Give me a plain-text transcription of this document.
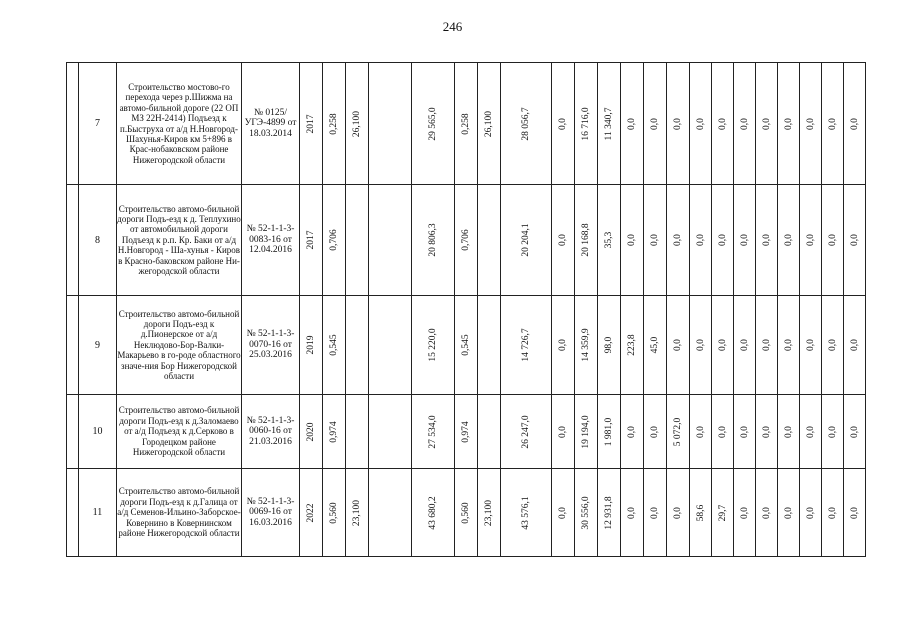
246
	7	Строительство мостово-го перехода через р.Шижма на автомо-бильной дороге (22 ОП МЗ 22Н-2414) Подъезд к п.Быструха от а/д Н.Новгород-Шахунья-Киров км 5+896 в Крас-нобаковском районе Нижегородской области	№ 0125/УГЭ-4899 от 18.03.2014	2017	0,258	26,100		29 565,0	0,258	26,100	28 056,7	0,0	16 716,0	11 340,7	0,0	0,0	0,0	0,0	0,0	0,0	0,0	0,0	0,0	0,0	0,0

	8	Строительство автомо-бильной дороги Подъ-езд к д. Теплухино от автомобильной дороги Подъезд к р.п. Кр. Баки от а/д Н.Новгород - Ша-хунья - Киров в Красно-баковском районе Ни-жегородской области	№ 52-1-1-3-0083-16 от 12.04.2016	2017	0,706			20 806,3	0,706		20 204,1	0,0	20 168,8	35,3	0,0	0,0	0,0	0,0	0,0	0,0	0,0	0,0	0,0	0,0	0,0

	9	Строительство автомо-бильной дороги Подъ-езд к д.Пионерское от а/д Неклюдово-Бор-Валки-Макарьево в го-роде областного значе-ния Бор Нижегородской области	№ 52-1-1-3-0070-16 от 25.03.2016	2019	0,545			15 220,0	0,545		14 726,7	0,0	14 359,9	98,0	223,8	45,0	0,0	0,0	0,0	0,0	0,0	0,0	0,0	0,0	0,0

	10	Строительство автомо-бильной дороги Подъ-езд к д.Заломаево от а/д Подъезд к д.Серково в Городецком районе Нижегородской области	№ 52-1-1-3-0060-16 от 21.03.2016	2020	0,974			27 534,0	0,974		26 247,0	0,0	19 194,0	1 981,0	0,0	0,0	5 072,0	0,0	0,0	0,0	0,0	0,0	0,0	0,0	0,0

	11	Строительство автомо-бильной дороги Подъ-езд к д.Галица от а/д Семенов-Ильино-Заборское-Ковернино в Ковернинском районе Нижегородской области	№ 52-1-1-3-0069-16 от 16.03.2016	2022	0,560	23,100		43 680,2	0,560	23,100	43 576,1	0,0	30 556,0	12 931,8	0,0	0,0	0,0	58,6	29,7	0,0	0,0	0,0	0,0	0,0	0,0
